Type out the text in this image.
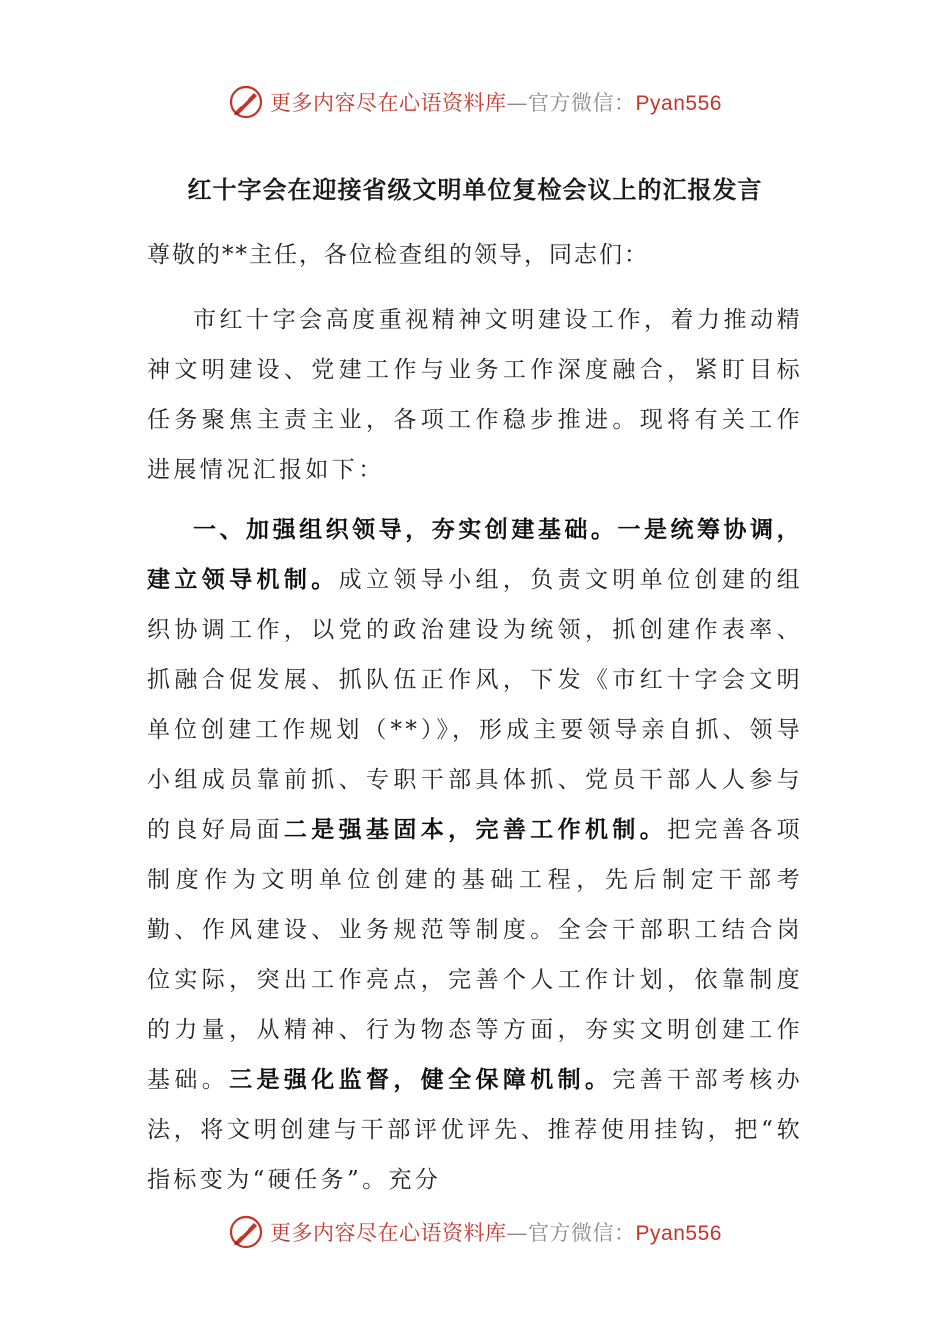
更多内容尽在心语资料库—官方微信：Pyan556
红十字会在迎接省级文明单位复检会议上的汇报发言
尊敬的**主任，各位检查组的领导，同志们：

市红十字会高度重视精神文明建设工作，着力推动精神文明建设、党建工作与业务工作深度融合，紧盯目标任务聚焦主责主业，各项工作稳步推进。现将有关工作进展情况汇报如下：

一、加强组织领导，夯实创建基础。一是统筹协调，建立领导机制。成立领导小组，负责文明单位创建的组织协调工作，以党的政治建设为统领，抓创建作表率、抓融合促发展、抓队伍正作风，下发《市红十字会文明单位创建工作规划（**）》，形成主要领导亲自抓、领导小组成员靠前抓、专职干部具体抓、党员干部人人参与的良好局面二是强基固本，完善工作机制。把完善各项制度作为文明单位创建的基础工程，先后制定干部考勤、作风建设、业务规范等制度。全会干部职工结合岗位实际，突出工作亮点，完善个人工作计划，依靠制度的力量，从精神、行为物态等方面，夯实文明创建工作基础。三是强化监督，健全保障机制。完善干部考核办法，将文明创建与干部评优评先、推荐使用挂钩，把“软指标变为“硬任务”。充分

更多内容尽在心语资料库—官方微信：Pyan556
